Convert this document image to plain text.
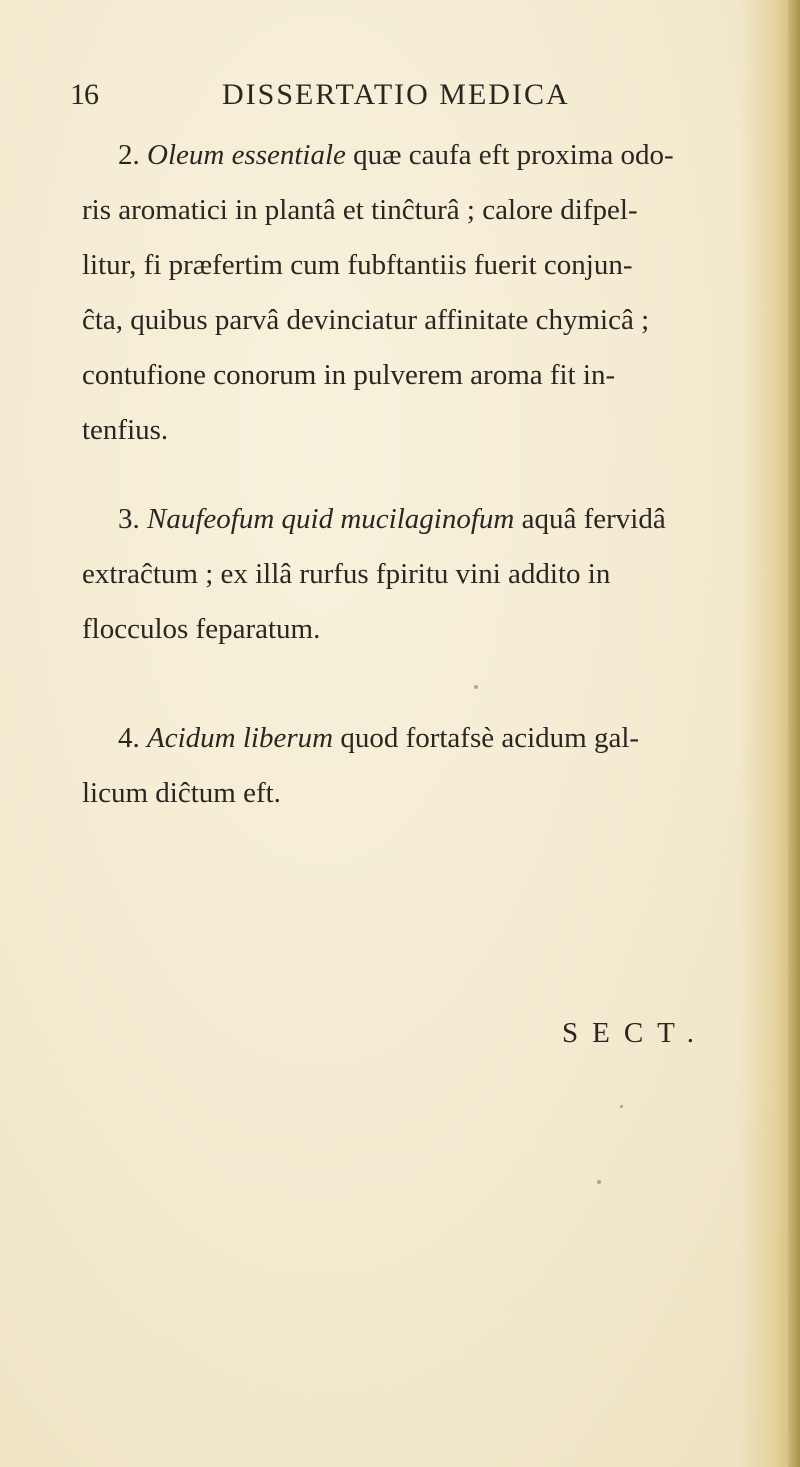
16	DISSERTATIO MEDICA
2. Oleum essentiale quæ caufa eft proxima odo-
ris aromatici in plantâ et tinĉturâ ; calore difpel-
litur, fi præfertim cum fubftantiis fuerit conjun-
ĉta, quibus parvâ devinciatur affinitate chymicâ ;
contufione conorum in pulverem aroma fit in-
tenfius.
3. Naufeofum quid mucilaginofum aquâ fervidâ
extraĉtum ; ex illâ rurfus fpiritu vini addito in
flocculos feparatum.
4. Acidum liberum quod fortafsè acidum gal-
licum diĉtum eft.
SECT.
